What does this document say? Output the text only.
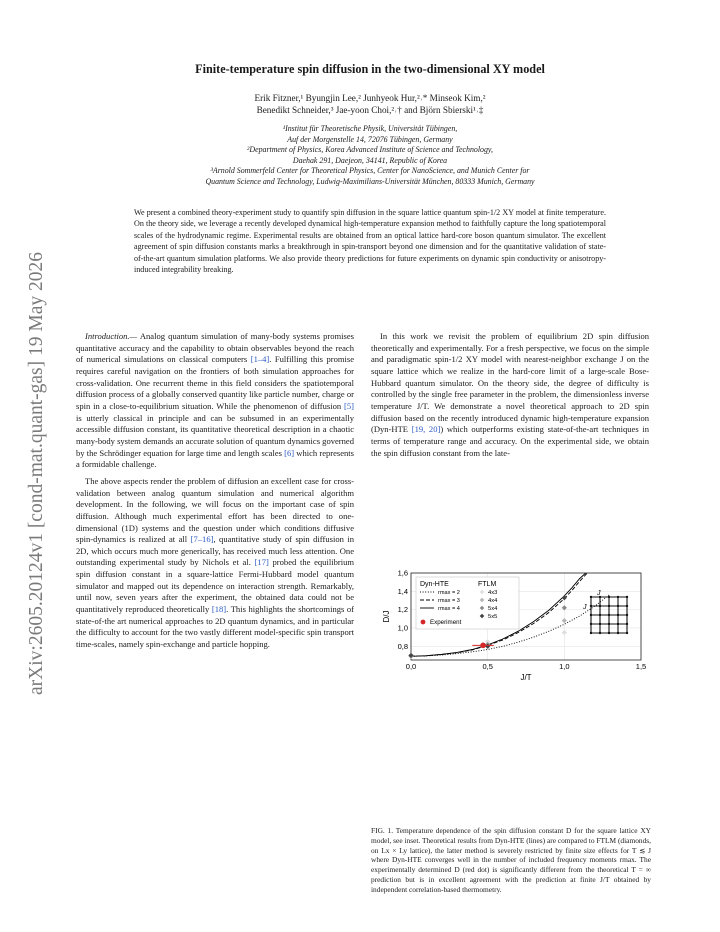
arXiv:2605.20124v1 [cond-mat.quant-gas] 19 May 2026
Finite-temperature spin diffusion in the two-dimensional XY model
Erik Fitzner,¹ Byungjin Lee,² Junhyeok Hur,²˒* Minseok Kim,²
Benedikt Schneider,³ Jae-yoon Choi,²˒† and Björn Sbierski¹˒‡
¹Institut für Theoretische Physik, Universität Tübingen,
Auf der Morgenstelle 14, 72076 Tübingen, Germany
²Department of Physics, Korea Advanced Institute of Science and Technology,
Daehak 291, Daejeon, 34141, Republic of Korea
³Arnold Sommerfeld Center for Theoretical Physics, Center for NanoScience, and Munich Center for
Quantum Science and Technology, Ludwig-Maximilians-Universität München, 80333 Munich, Germany

We present a combined theory-experiment study to quantify spin diffusion in the square lattice quantum spin-1/2 XY model at finite temperature. On the theory side, we leverage a recently developed dynamical high-temperature expansion method to faithfully capture the long spatiotemporal scales of the hydrodynamic regime. Experimental results are obtained from an optical lattice hard-core boson quantum simulator. The excellent agreement of spin diffusion constants marks a breakthrough in spin-transport beyond one dimension and for the quantitative validation of state-of-the-art quantum simulation platforms. We also provide theory predictions for future experiments on dynamic spin conductivity or anisotropy-induced integrability breaking.

Introduction.— Analog quantum simulation of many-body systems promises quantitative accuracy and the capability to obtain observables beyond the reach of numerical simulations on classical computers [1–4]. Fulfilling this promise requires careful navigation on the frontiers of both simulation approaches for cross-validation. One recurrent theme in this field considers the spatiotemporal diffusion process of a globally conserved quantity like particle number, charge or spin in a close-to-equilibrium situation. While the phenomenon of diffusion [5] is utterly classical in principle and can be subsumed in an experimentally accessible diffusion constant, its quantitative theoretical description in a chaotic many-body system demands an accurate solution of quantum dynamics governed by the Schrödinger equation for large time and length scales [6] which represents a formidable challenge.

The above aspects render the problem of diffusion an excellent case for cross-validation between analog quantum simulation and numerical algorithm development. In the following, we will focus on the important case of spin diffusion. Although much experimental effort has been directed to one-dimensional (1D) systems and the question under which conditions diffusive spin-dynamics is realized at all [7–16], quantitative study of spin diffusion in 2D, which occurs much more generically, has received much less attention. One outstanding experimental study by Nichols et al. [17] probed the equilibrium spin diffusion constant in a square-lattice Fermi-Hubbard model quantum simulator and mapped out its dependence on interaction strength. Remarkably, until now, seven years after the experiment, the obtained data could not be quantitatively reproduced theoretically [18]. This highlights the shortcomings of state-of-the art numerical approaches to 2D quantum dynamics, and in particular the difficulty to account for the two vastly different model-specific spin transport time-scales, namely spin-exchange and particle hopping.

In this work we revisit the problem of equilibrium 2D spin diffusion theoretically and experimentally. For a fresh perspective, we focus on the simple and paradigmatic spin-1/2 XY model with nearest-neighbor exchange J on the square lattice which we realize in the hard-core limit of a large-scale Bose-Hubbard quantum simulator. On the theory side, the degree of difficulty is controlled by the single free parameter in the problem, the dimensionless inverse temperature J/T. We demonstrate a novel theoretical approach to 2D spin diffusion based on the recently introduced dynamic high-temperature expansion (Dyn-HTE [19, 20]) which outperforms existing state-of-the-art techniques in terms of temperature range and accuracy. On the experimental side, we obtain the spin diffusion constant from the late-

0,0	0,5	1,0	1,5
0,8
1,0
1,2
1,4
1,6
Dyn-HTE	FTLM
rmax = 2
rmax = 3
rmax = 4
4x3
4x4
5x4
5x5
Experiment
J
J
J/T
D/J

FIG. 1. Temperature dependence of the spin diffusion constant D for the square lattice XY model, see inset. Theoretical results from Dyn-HTE (lines) are compared to FTLM (diamonds, on Lx × Ly lattice), the latter method is severely restricted by finite size effects for T ≲ J where Dyn-HTE converges well in the number of included frequency moments rmax. The experimentally determined D (red dot) is significantly different from the theoretical T = ∞ prediction but is in excellent agreement with the prediction at finite J/T obtained by independent correlation-based thermometry.
